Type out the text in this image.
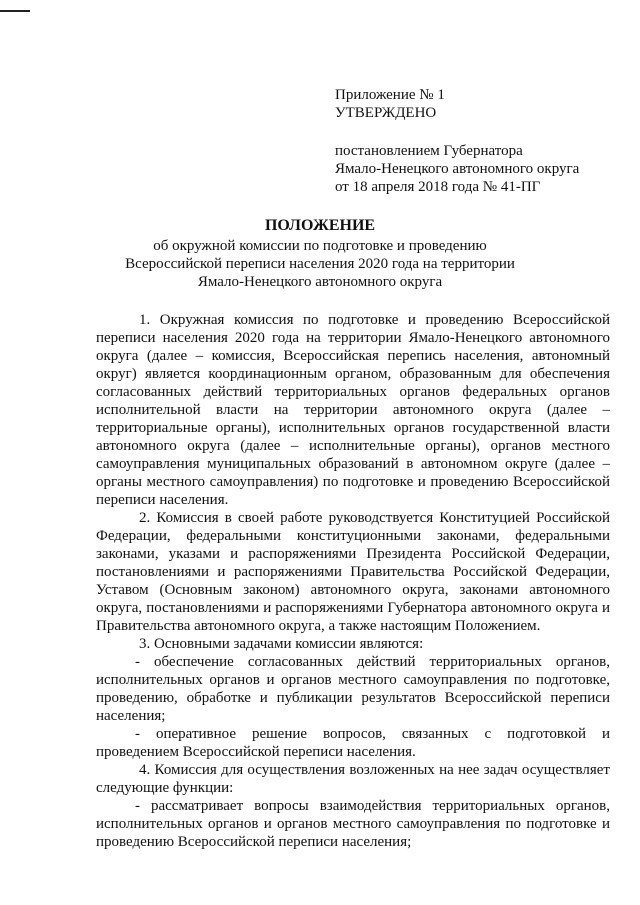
Приложение № 1
УТВЕРЖДЕНО
постановлением Губернатора
Ямало-Ненецкого автономного округа
от 18 апреля 2018 года № 41-ПГ
ПОЛОЖЕНИЕ
об окружной комиссии по подготовке и проведению
Всероссийской переписи населения 2020 года на территории
Ямало-Ненецкого автономного округа

1. Окружная комиссия по подготовке и проведению Всероссийской переписи населения 2020 года на территории Ямало-Ненецкого автономного округа (далее – комиссия, Всероссийская перепись населения, автономный округ) является координационным органом, образованным для обеспечения согласованных действий территориальных органов федеральных органов исполнительной власти на территории автономного округа (далее – территориальные органы), исполнительных органов государственной власти автономного округа (далее – исполнительные органы), органов местного самоуправления муниципальных образований в автономном округе (далее – органы местного самоуправления) по подготовке и проведению Всероссийской переписи населения.

2. Комиссия в своей работе руководствуется Конституцией Российской Федерации, федеральными конституционными законами, федеральными законами, указами и распоряжениями Президента Российской Федерации, постановлениями и распоряжениями Правительства Российской Федерации, Уставом (Основным законом) автономного округа, законами автономного округа, постановлениями и распоряжениями Губернатора автономного округа и Правительства автономного округа, а также настоящим Положением.

3. Основными задачами комиссии являются:

- обеспечение согласованных действий территориальных органов, исполнительных органов и органов местного самоуправления по подготовке, проведению, обработке и публикации результатов Всероссийской переписи населения;

- оперативное решение вопросов, связанных с подготовкой и проведением Всероссийской переписи населения.

4. Комиссия для осуществления возложенных на нее задач осуществляет следующие функции:

- рассматривает вопросы взаимодействия территориальных органов, исполнительных органов и органов местного самоуправления по подготовке и проведению Всероссийской переписи населения;
